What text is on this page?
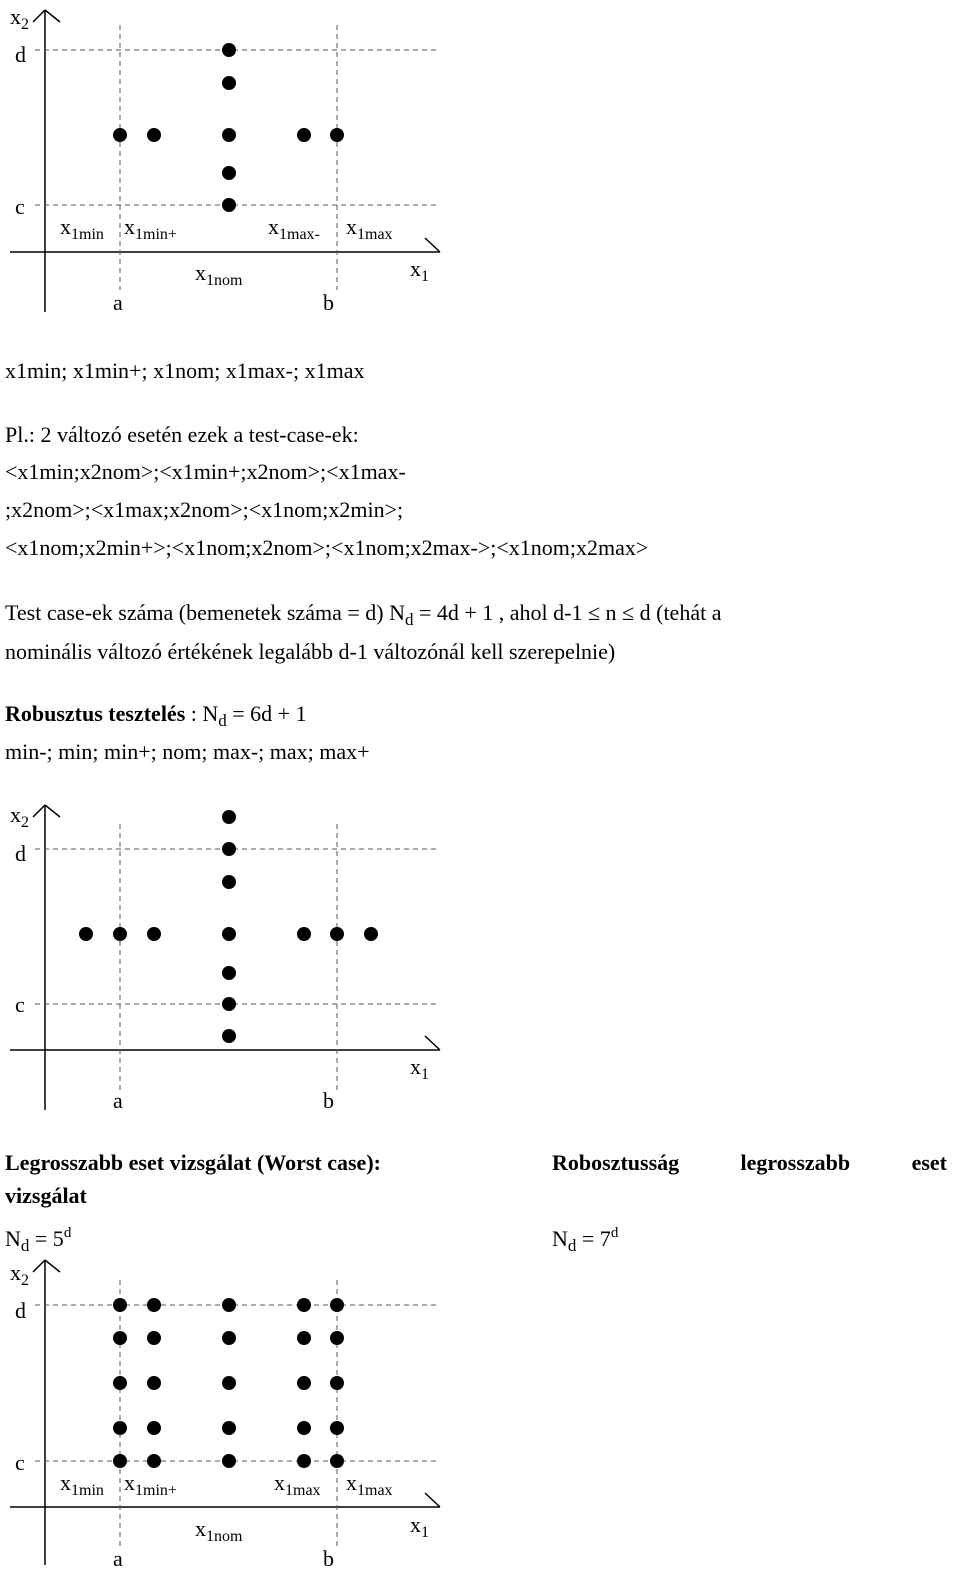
$x_2$
d
c
a	b
$x_1$
$x_{1min}$ $x_{1min+}$	$x_{1max-}$ $x_{1max}$
$x_{1nom}$
x1min; x1min+; x1nom; x1max-; x1max
Pl.: 2 változó esetén ezek a test-case-ek:
<x1min;x2nom>;<x1min+;x2nom>;<x1max-
;x2nom>;<x1max;x2nom>;<x1nom;x2min>;
<x1nom;x2min+>;<x1nom;x2nom>;<x1nom;x2max->;<x1nom;x2max>
Test case-ek száma (bemenetek száma = d) $N_d = 4d + 1$ , ahol d-1 ≤ n ≤ d (tehát a
nominális változó értékének legalább d-1 változónál kell szerepelnie)
Robusztus tesztelés : $N_d = 6d + 1$
min-; min; min+; nom; max-; max; max+
$x_2$
d
c
a	b
$x_1$
Legrosszabb eset vizsgálat (Worst case):
vizsgálat
$N_d = 5^d$
Robosztusság	legrosszabb	eset
$N_d = 7^d$
$x_2$
d
c
a	b
$x_1$
$x_{1min}$ $x_{1min+}$	$x_{1max}$ $x_{1max}$
$x_{1nom}$
